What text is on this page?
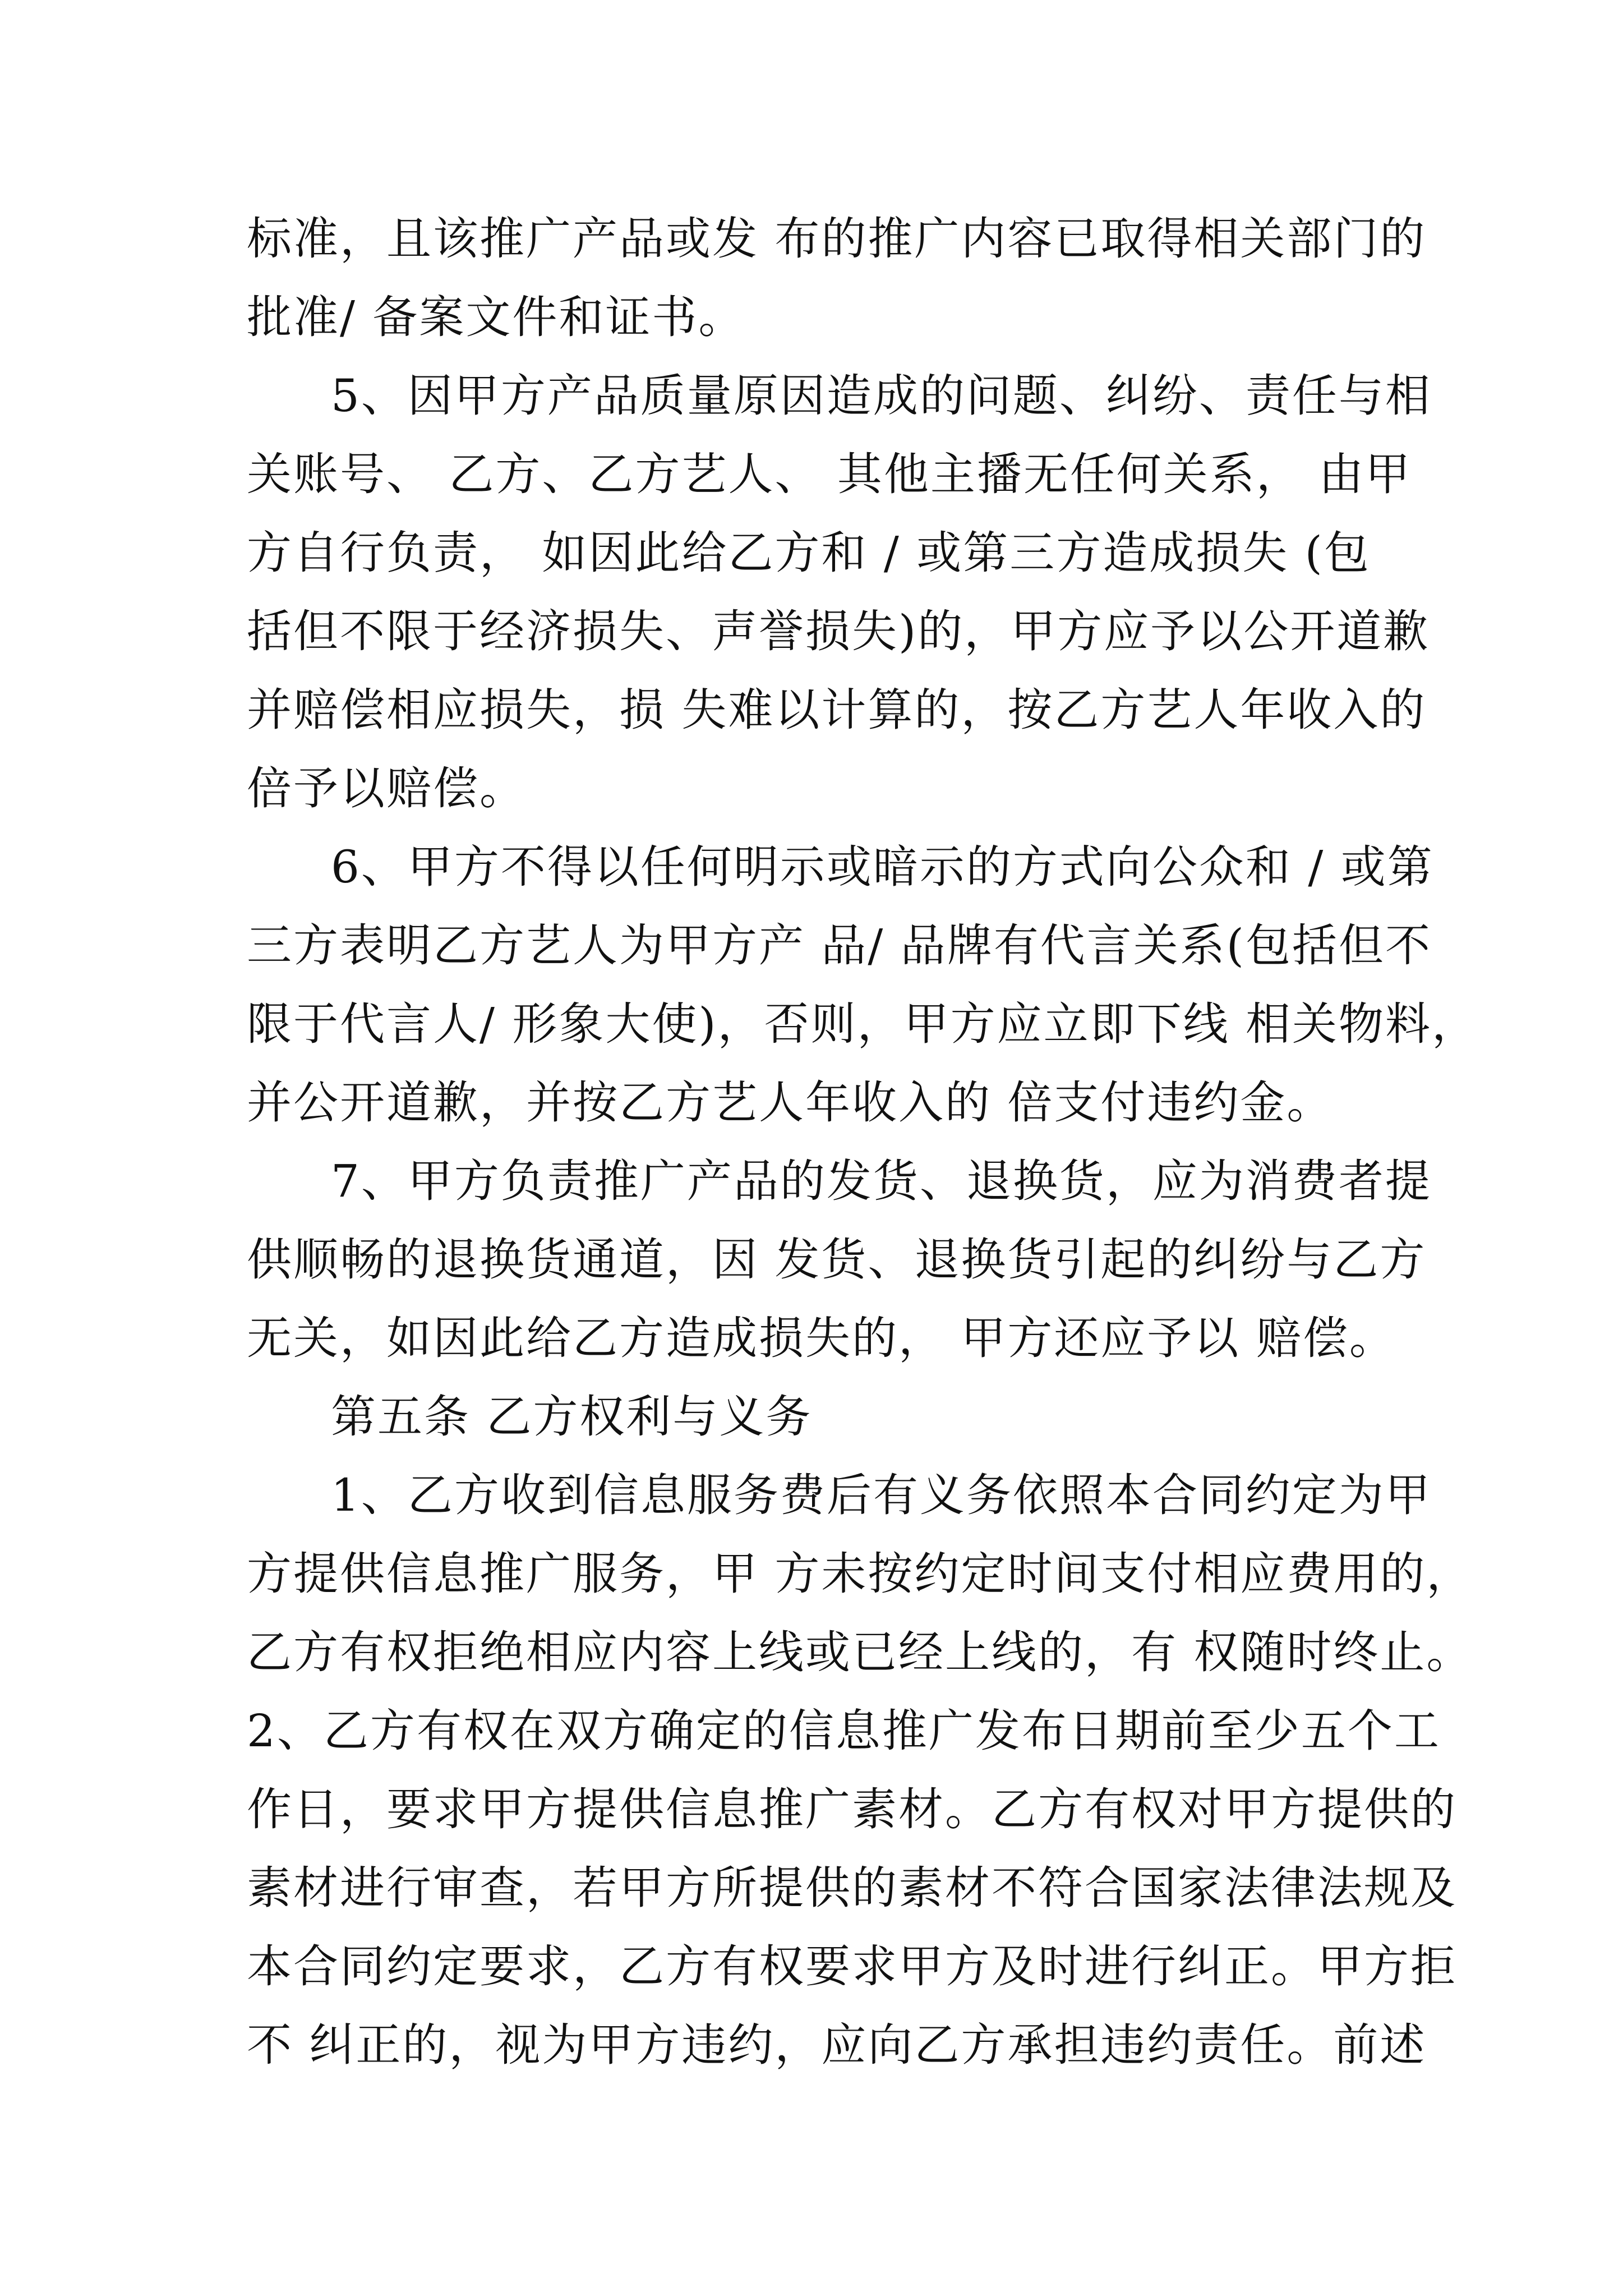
标准，且该推广产品或发 布的推广内容已取得相关部门的
批准/ 备案文件和证书。
5、因甲方产品质量原因造成的问题、纠纷、责任与相
关账号、 乙方、乙方艺人、 其他主播无任何关系， 由甲
方自行负责， 如因此给乙方和 / 或第三方造成损失 (包
括但不限于经济损失、声誉损失)的，甲方应予以公开道歉
并赔偿相应损失，损 失难以计算的，按乙方艺人年收入的
倍予以赔偿。
6、甲方不得以任何明示或暗示的方式向公众和 / 或第
三方表明乙方艺人为甲方产 品/ 品牌有代言关系(包括但不
限于代言人/ 形象大使)，否则，甲方应立即下线 相关物料，
并公开道歉，并按乙方艺人年收入的 倍支付违约金。
7、甲方负责推广产品的发货、退换货，应为消费者提
供顺畅的退换货通道，因 发货、退换货引起的纠纷与乙方
无关，如因此给乙方造成损失的， 甲方还应予以 赔偿。
第五条 乙方权利与义务
1、乙方收到信息服务费后有义务依照本合同约定为甲
方提供信息推广服务，甲 方未按约定时间支付相应费用的，
乙方有权拒绝相应内容上线或已经上线的，有 权随时终止。
2、乙方有权在双方确定的信息推广发布日期前至少五个工
作日，要求甲方提供信息推广素材。乙方有权对甲方提供的
素材进行审查，若甲方所提供的素材不符合国家法律法规及
本合同约定要求，乙方有权要求甲方及时进行纠正。甲方拒
不 纠正的，视为甲方违约，应向乙方承担违约责任。前述
